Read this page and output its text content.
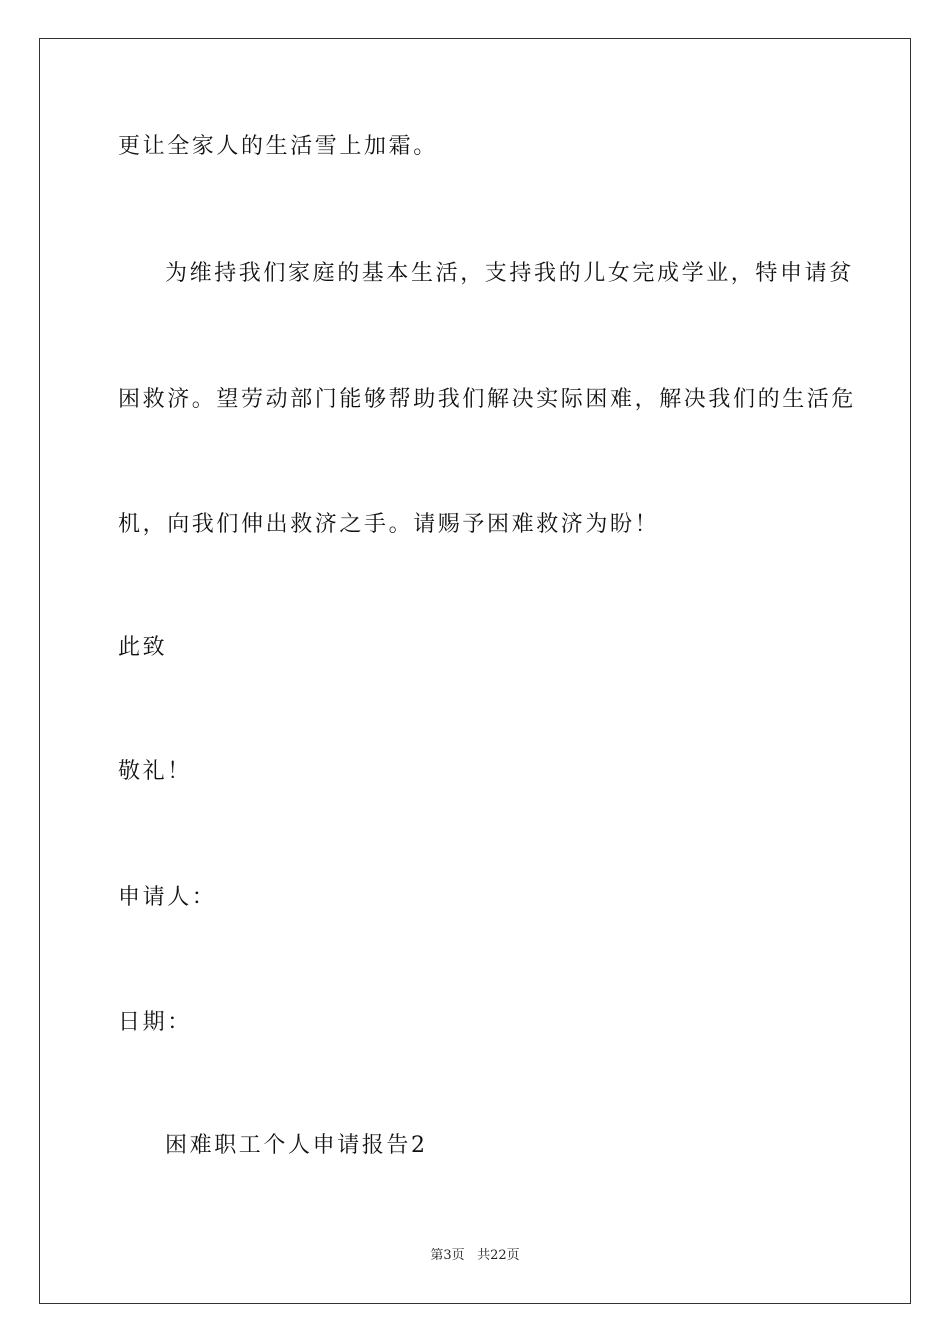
更让全家人的生活雪上加霜。
为维持我们家庭的基本生活，支持我的儿女完成学业，特申请贫
困救济。望劳动部门能够帮助我们解决实际困难，解决我们的生活危
机，向我们伸出救济之手。请赐予困难救济为盼！
此致
敬礼！
申请人：
日期：
困难职工个人申请报告2
第3页 共22页
